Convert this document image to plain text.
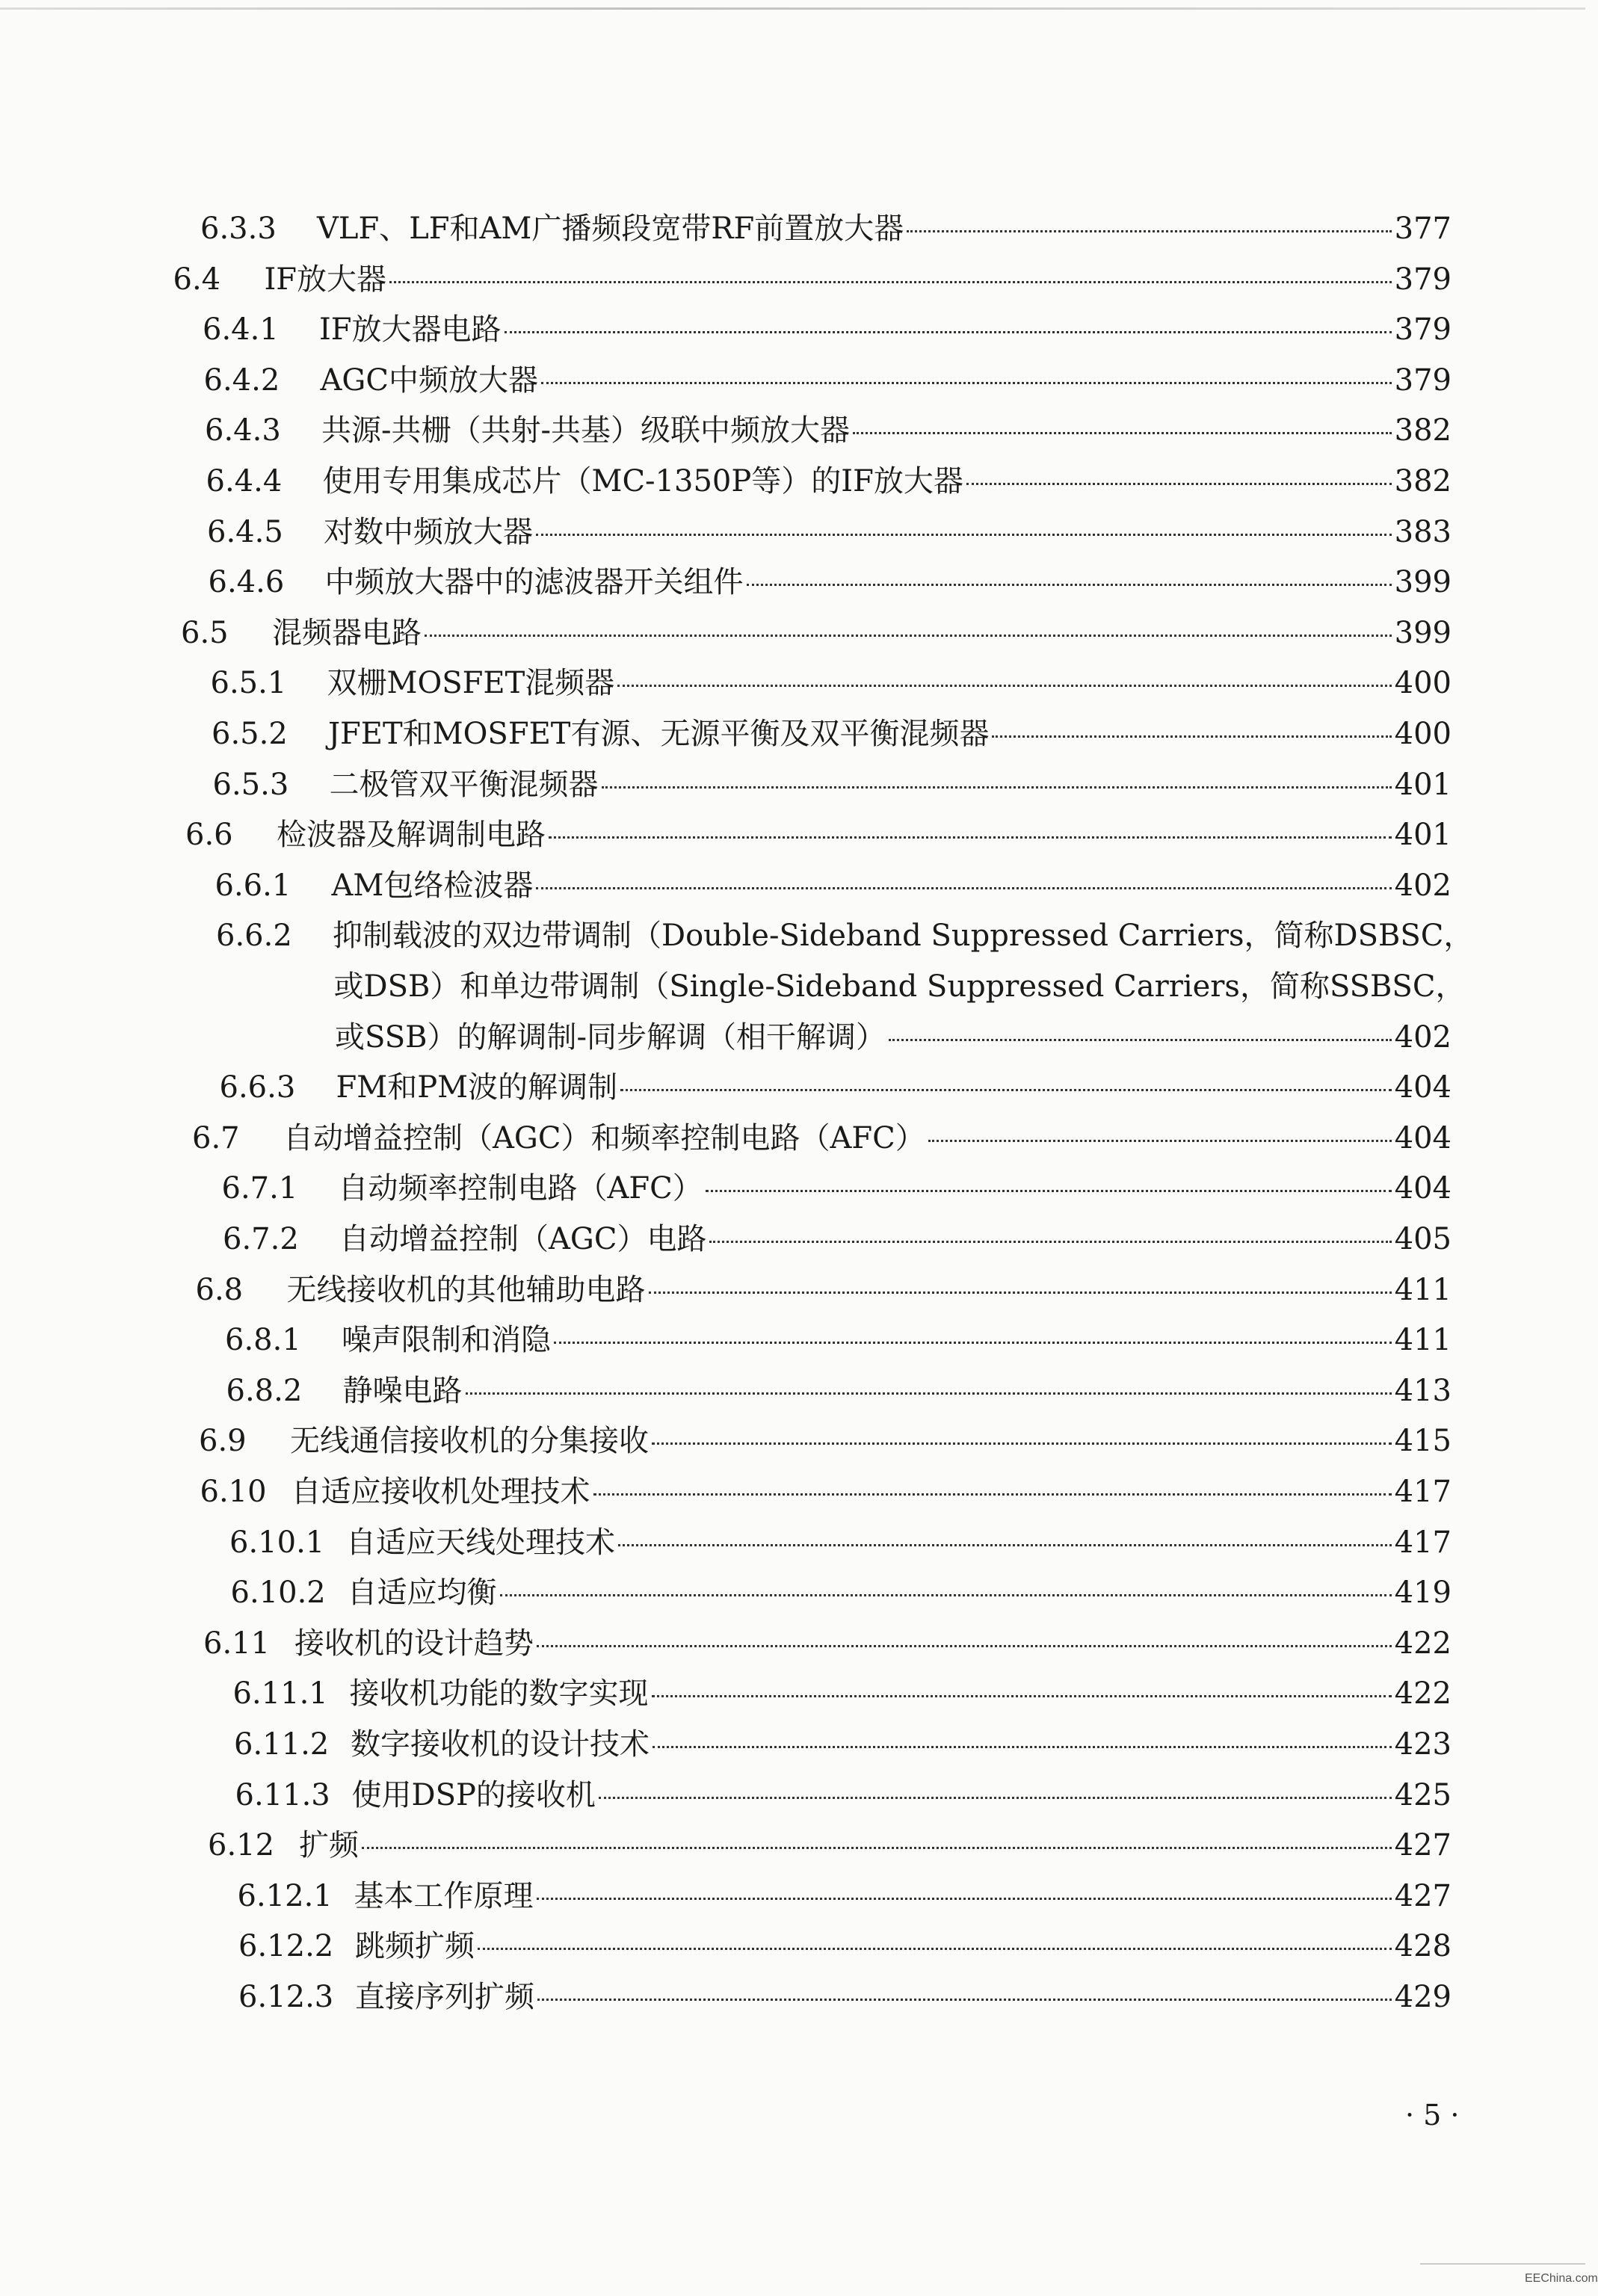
6.3.3	VLF、LF和AM广播频段宽带RF前置放大器	377
6.4	IF放大器	379
6.4.1	IF放大器电路	379
6.4.2	AGC中频放大器	379
6.4.3	共源-共栅（共射-共基）级联中频放大器	382
6.4.4	使用专用集成芯片（MC-1350P等）的IF放大器	382
6.4.5	对数中频放大器	383
6.4.6	中频放大器中的滤波器开关组件	399
6.5	混频器电路	399
6.5.1	双栅MOSFET混频器	400
6.5.2	JFET和MOSFET有源、无源平衡及双平衡混频器	400
6.5.3	二极管双平衡混频器	401
6.6	检波器及解调制电路	401
6.6.1	AM包络检波器	402
6.6.2	抑制载波的双边带调制（Double-Sideband Suppressed Carriers，简称DSBSC，
或DSB）和单边带调制（Single-Sideband Suppressed Carriers，简称SSBSC，
或SSB）的解调制-同步解调（相干解调）	402
6.6.3	FM和PM波的解调制	404
6.7	自动增益控制（AGC）和频率控制电路（AFC）	404
6.7.1	自动频率控制电路（AFC）	404
6.7.2	自动增益控制（AGC）电路	405
6.8	无线接收机的其他辅助电路	411
6.8.1	噪声限制和消隐	411
6.8.2	静噪电路	413
6.9	无线通信接收机的分集接收	415
6.10 自适应接收机处理技术	417
6.10.1 自适应天线处理技术	417
6.10.2 自适应均衡	419
6.11 接收机的设计趋势	422
6.11.1 接收机功能的数字实现	422
6.11.2 数字接收机的设计技术	423
6.11.3 使用DSP的接收机	425
6.12 扩频	427
6.12.1 基本工作原理	427
6.12.2 跳频扩频	428
6.12.3 直接序列扩频	429
· 5 ·
EEChina.com
